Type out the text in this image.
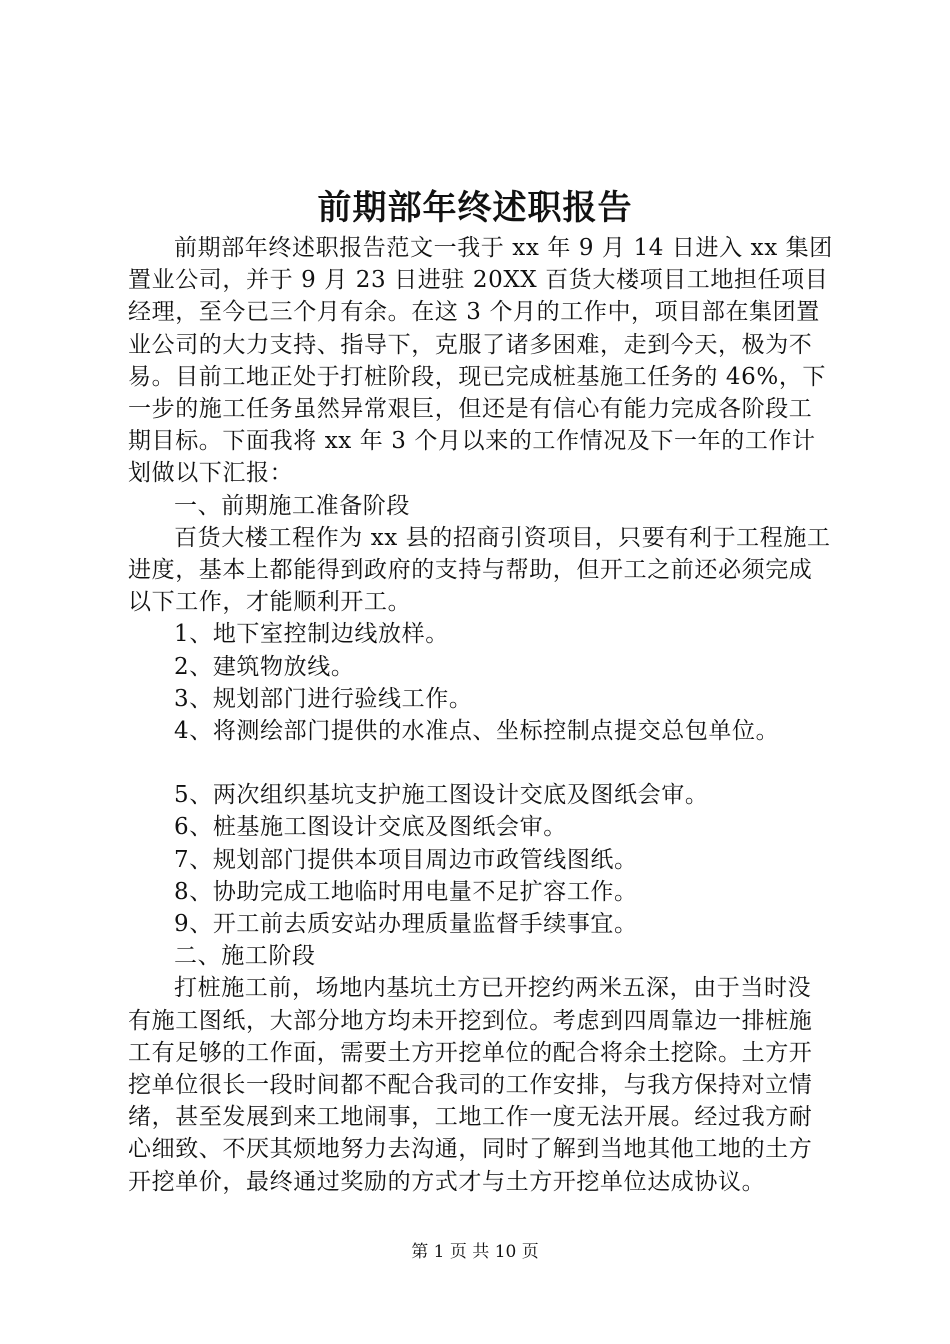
前期部年终述职报告

前期部年终述职报告范文一我于 xx 年 9 月 14 日进入 xx 集团置业公司，并于 9 月 23 日进驻 20XX 百货大楼项目工地担任项目经理，至今已三个月有余。在这 3 个月的工作中，项目部在集团置业公司的大力支持、指导下，克服了诸多困难，走到今天，极为不易。目前工地正处于打桩阶段，现已完成桩基施工任务的 46%，下一步的施工任务虽然异常艰巨，但还是有信心有能力完成各阶段工期目标。下面我将 xx 年 3 个月以来的工作情况及下一年的工作计划做以下汇报：

一、前期施工准备阶段

百货大楼工程作为 xx 县的招商引资项目，只要有利于工程施工进度，基本上都能得到政府的支持与帮助，但开工之前还必须完成以下工作，才能顺利开工。

1、地下室控制边线放样。

2、建筑物放线。

3、规划部门进行验线工作。

4、将测绘部门提供的水准点、坐标控制点提交总包单位。

5、两次组织基坑支护施工图设计交底及图纸会审。

6、桩基施工图设计交底及图纸会审。

7、规划部门提供本项目周边市政管线图纸。

8、协助完成工地临时用电量不足扩容工作。

9、开工前去质安站办理质量监督手续事宜。

二、施工阶段

打桩施工前，场地内基坑土方已开挖约两米五深，由于当时没有施工图纸，大部分地方均未开挖到位。考虑到四周靠边一排桩施工有足够的工作面，需要土方开挖单位的配合将余土挖除。土方开挖单位很长一段时间都不配合我司的工作安排，与我方保持对立情绪，甚至发展到来工地闹事，工地工作一度无法开展。经过我方耐心细致、不厌其烦地努力去沟通，同时了解到当地其他工地的土方开挖单价，最终通过奖励的方式才与土方开挖单位达成协议。

第 1 页 共 10 页
